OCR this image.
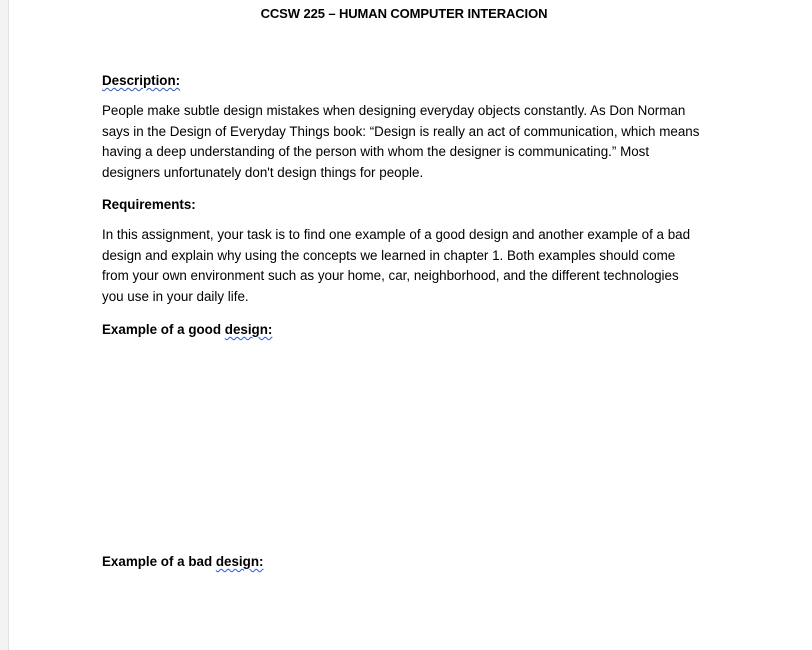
CCSW 225 – HUMAN COMPUTER INTERACION
Description:
People make subtle design mistakes when designing everyday objects constantly. As Don Norman
says in the Design of Everyday Things book: “Design is really an act of communication, which means
having a deep understanding of the person with whom the designer is communicating.” Most
designers unfortunately don't design things for people.
Requirements:
In this assignment, your task is to find one example of a good design and another example of a bad
design and explain why using the concepts we learned in chapter 1. Both examples should come
from your own environment such as your home, car, neighborhood, and the different technologies
you use in your daily life.
Example of a good design:
Example of a bad design:
